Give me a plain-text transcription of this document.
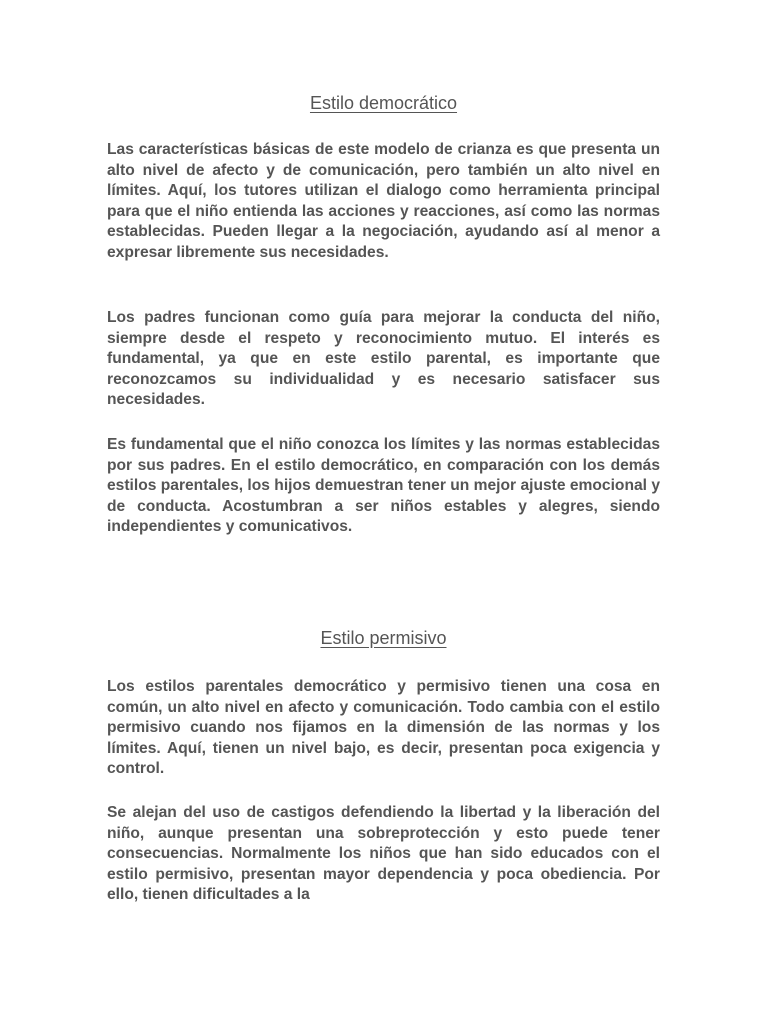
Estilo democrático

Las características básicas de este modelo de crianza es que presenta un alto nivel de afecto y de comunicación, pero también un alto nivel en límites. Aquí, los tutores utilizan el dialogo como herramienta principal para que el niño entienda las acciones y reacciones, así como las normas establecidas. Pueden llegar a la negociación, ayudando así al menor a expresar libremente sus necesidades.

Los padres funcionan como guía para mejorar la conducta del niño, siempre desde el respeto y reconocimiento mutuo. El interés es fundamental, ya que en este estilo parental, es importante que reconozcamos su individualidad y es necesario satisfacer sus necesidades.

Es fundamental que el niño conozca los límites y las normas establecidas por sus padres. En el estilo democrático, en comparación con los demás estilos parentales, los hijos demuestran tener un mejor ajuste emocional y de conducta. Acostumbran a ser niños estables y alegres, siendo independientes y comunicativos.

Estilo permisivo

Los estilos parentales democrático y permisivo tienen una cosa en común, un alto nivel en afecto y comunicación. Todo cambia con el estilo permisivo cuando nos fijamos en la dimensión de las normas y los límites. Aquí, tienen un nivel bajo, es decir, presentan poca exigencia y control.

Se alejan del uso de castigos defendiendo la libertad y la liberación del niño, aunque presentan una sobreprotección y esto puede tener consecuencias. Normalmente los niños que han sido educados con el estilo permisivo, presentan mayor dependencia y poca obediencia. Por ello, tienen dificultades a la
